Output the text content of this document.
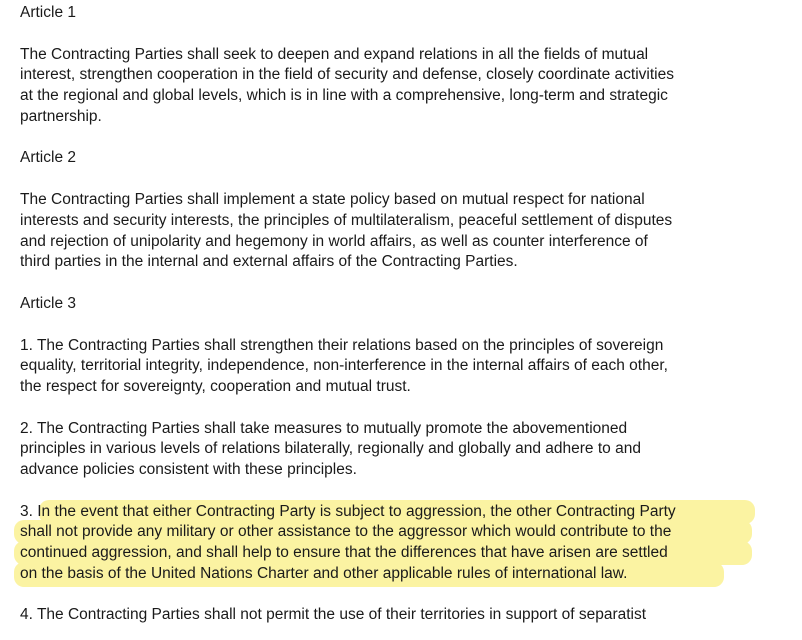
Article 1

The Contracting Parties shall seek to deepen and expand relations in all the fields of mutual
interest, strengthen cooperation in the field of security and defense, closely coordinate activities
at the regional and global levels, which is in line with a comprehensive, long-term and strategic
partnership.

Article 2

The Contracting Parties shall implement a state policy based on mutual respect for national
interests and security interests, the principles of multilateralism, peaceful settlement of disputes
and rejection of unipolarity and hegemony in world affairs, as well as counter interference of
third parties in the internal and external affairs of the Contracting Parties.

Article 3

1. The Contracting Parties shall strengthen their relations based on the principles of sovereign
equality, territorial integrity, independence, non-interference in the internal affairs of each other,
the respect for sovereignty, cooperation and mutual trust.

2. The Contracting Parties shall take measures to mutually promote the abovementioned
principles in various levels of relations bilaterally, regionally and globally and adhere to and
advance policies consistent with these principles.

3. In the event that either Contracting Party is subject to aggression, the other Contracting Party
shall not provide any military or other assistance to the aggressor which would contribute to the
continued aggression, and shall help to ensure that the differences that have arisen are settled
on the basis of the United Nations Charter and other applicable rules of international law.

4. The Contracting Parties shall not permit the use of their territories in support of separatist
